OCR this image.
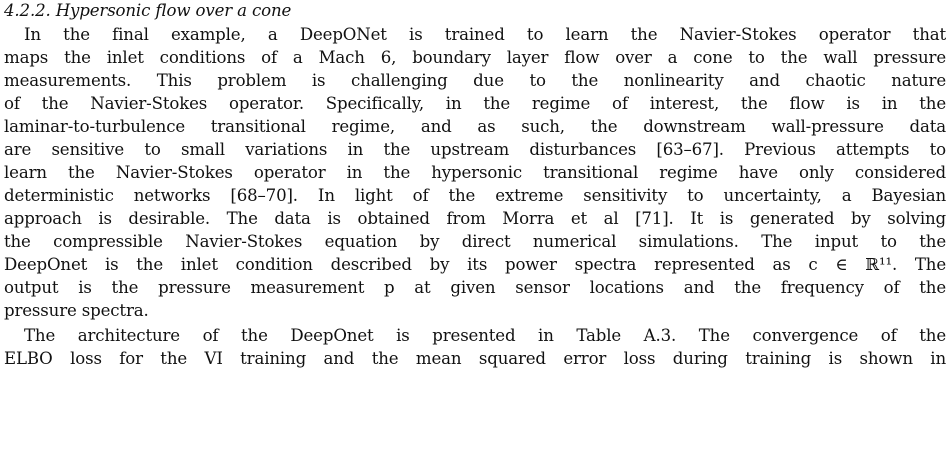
4.2.2. Hypersonic flow over a cone
In the final example, a DeepONet is trained to learn the Navier-Stokes operator that
maps the inlet conditions of a Mach 6, boundary layer flow over a cone to the wall pressure
measurements. This problem is challenging due to the nonlinearity and chaotic nature
of the Navier-Stokes operator. Specifically, in the regime of interest, the flow is in the
laminar-to-turbulence transitional regime, and as such, the downstream wall-pressure data
are sensitive to small variations in the upstream disturbances [63–67]. Previous attempts to
learn the Navier-Stokes operator in the hypersonic transitional regime have only considered
deterministic networks [68–70]. In light of the extreme sensitivity to uncertainty, a Bayesian
approach is desirable. The data is obtained from Morra et al [71]. It is generated by solving
the compressible Navier-Stokes equation by direct numerical simulations. The input to the
DeepOnet is the inlet condition described by its power spectra represented as c ∈ ℝ¹¹. The
output is the pressure measurement p at given sensor locations and the frequency of the
pressure spectra.
The architecture of the DeepOnet is presented in Table A.3. The convergence of the
ELBO loss for the VI training and the mean squared error loss during training is shown in
